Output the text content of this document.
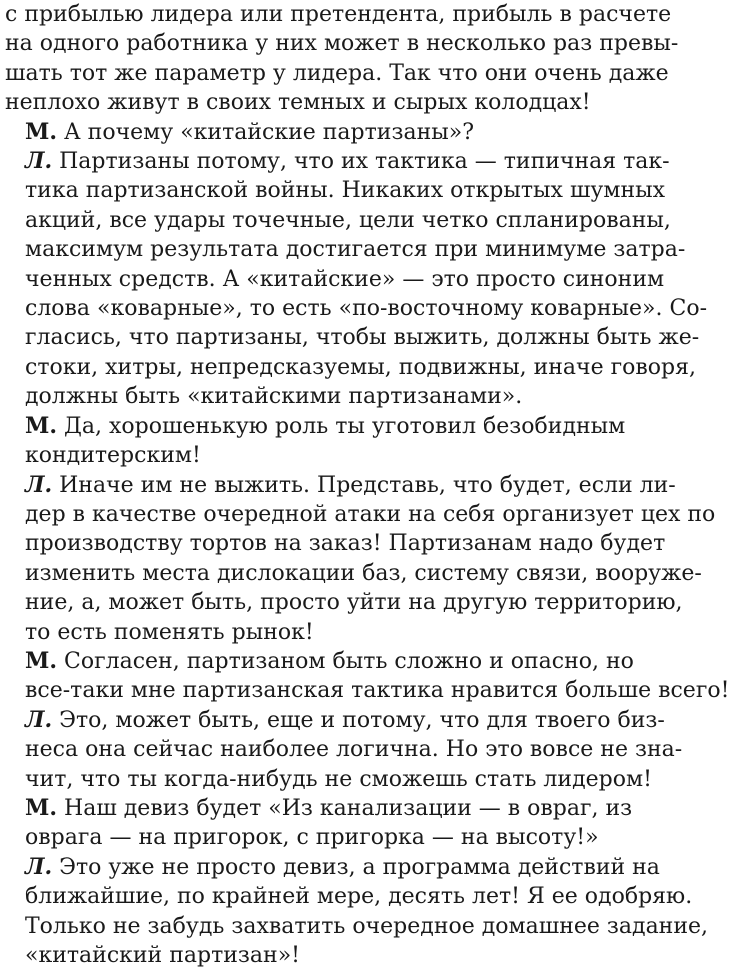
с прибылью лидера или претендента, прибыль в расчете
на одного работника у них может в несколько раз превы-
шать тот же параметр у лидера. Так что они очень даже
неплохо живут в своих темных и сырых колодцах!
М. А почему «китайские партизаны»?
Л. Партизаны потому, что их тактика — типичная так-
тика партизанской войны. Никаких открытых шумных
акций, все удары точечные, цели четко спланированы,
максимум результата достигается при минимуме затра-
ченных средств. А «китайские» — это просто синоним
слова «коварные», то есть «по-восточному коварные». Со-
гласись, что партизаны, чтобы выжить, должны быть же-
стоки, хитры, непредсказуемы, подвижны, иначе говоря,
должны быть «китайскими партизанами».
М. Да, хорошенькую роль ты уготовил безобидным
кондитерским!
Л. Иначе им не выжить. Представь, что будет, если ли-
дер в качестве очередной атаки на себя организует цех по
производству тортов на заказ! Партизанам надо будет
изменить места дислокации баз, систему связи, вооруже-
ние, а, может быть, просто уйти на другую территорию,
то есть поменять рынок!
М. Согласен, партизаном быть сложно и опасно, но
все-таки мне партизанская тактика нравится больше всего!
Л. Это, может быть, еще и потому, что для твоего биз-
неса она сейчас наиболее логична. Но это вовсе не зна-
чит, что ты когда-нибудь не сможешь стать лидером!
М. Наш девиз будет «Из канализации — в овраг, из
оврага — на пригорок, с пригорка — на высоту!»
Л. Это уже не просто девиз, а программа действий на
ближайшие, по крайней мере, десять лет! Я ее одобряю.
Только не забудь захватить очередное домашнее задание,
«китайский партизан»!
